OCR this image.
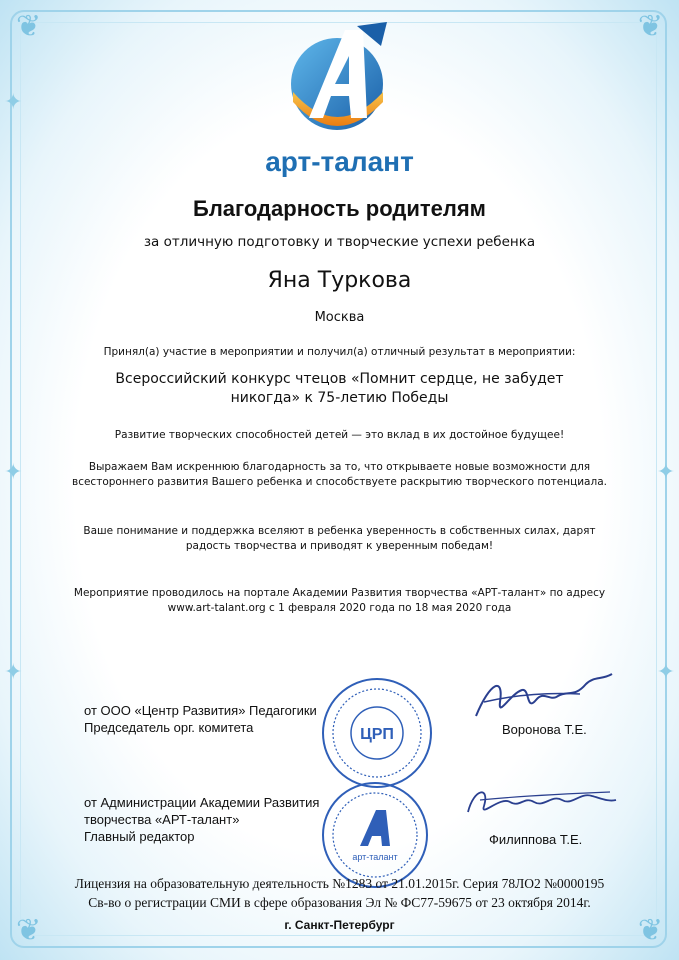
❦	❦
❦	❦
✦
✦	✦
✦	✦
арт-талант
Благодарность родителям
за отличную подготовку и творческие успехи ребенка
Яна Туркова
Москва
Принял(а) участие в мероприятии и получил(а) отличный результат в мероприятии:
Всероссийский конкурс чтецов «Помнит сердце, не забудет никогда» к 75-летию Победы
Развитие творческих способностей детей — это вклад в их достойное будущее!
Выражаем Вам искреннюю благодарность за то, что открываете новые возможности для всестороннего развития Вашего ребенка и способствуете раскрытию творческого потенциала.
Ваше понимание и поддержка вселяют в ребенка уверенность в собственных силах, дарят радость творчества и приводят к уверенным победам!
Мероприятие проводилось на портале Академии Развития творчества «АРТ-талант» по адресу www.art-talant.org с 1 февраля 2020 года по 18 мая 2020 года
от ООО «Центр Развития» Педагогики
Председатель орг. комитета	Воронова Т.Е.
ЦРП
от Администрации Академии Развития
творчества «АРТ-талант»
Главный редактор	Филиппова Т.Е.
арт-талант
Лицензия на образовательную деятельность №1283 от 21.01.2015г. Серия 78ЛО2 №0000195
Св-во о регистрации СМИ в сфере образования Эл № ФС77-59675 от 23 октября 2014г.
г. Санкт-Петербург
